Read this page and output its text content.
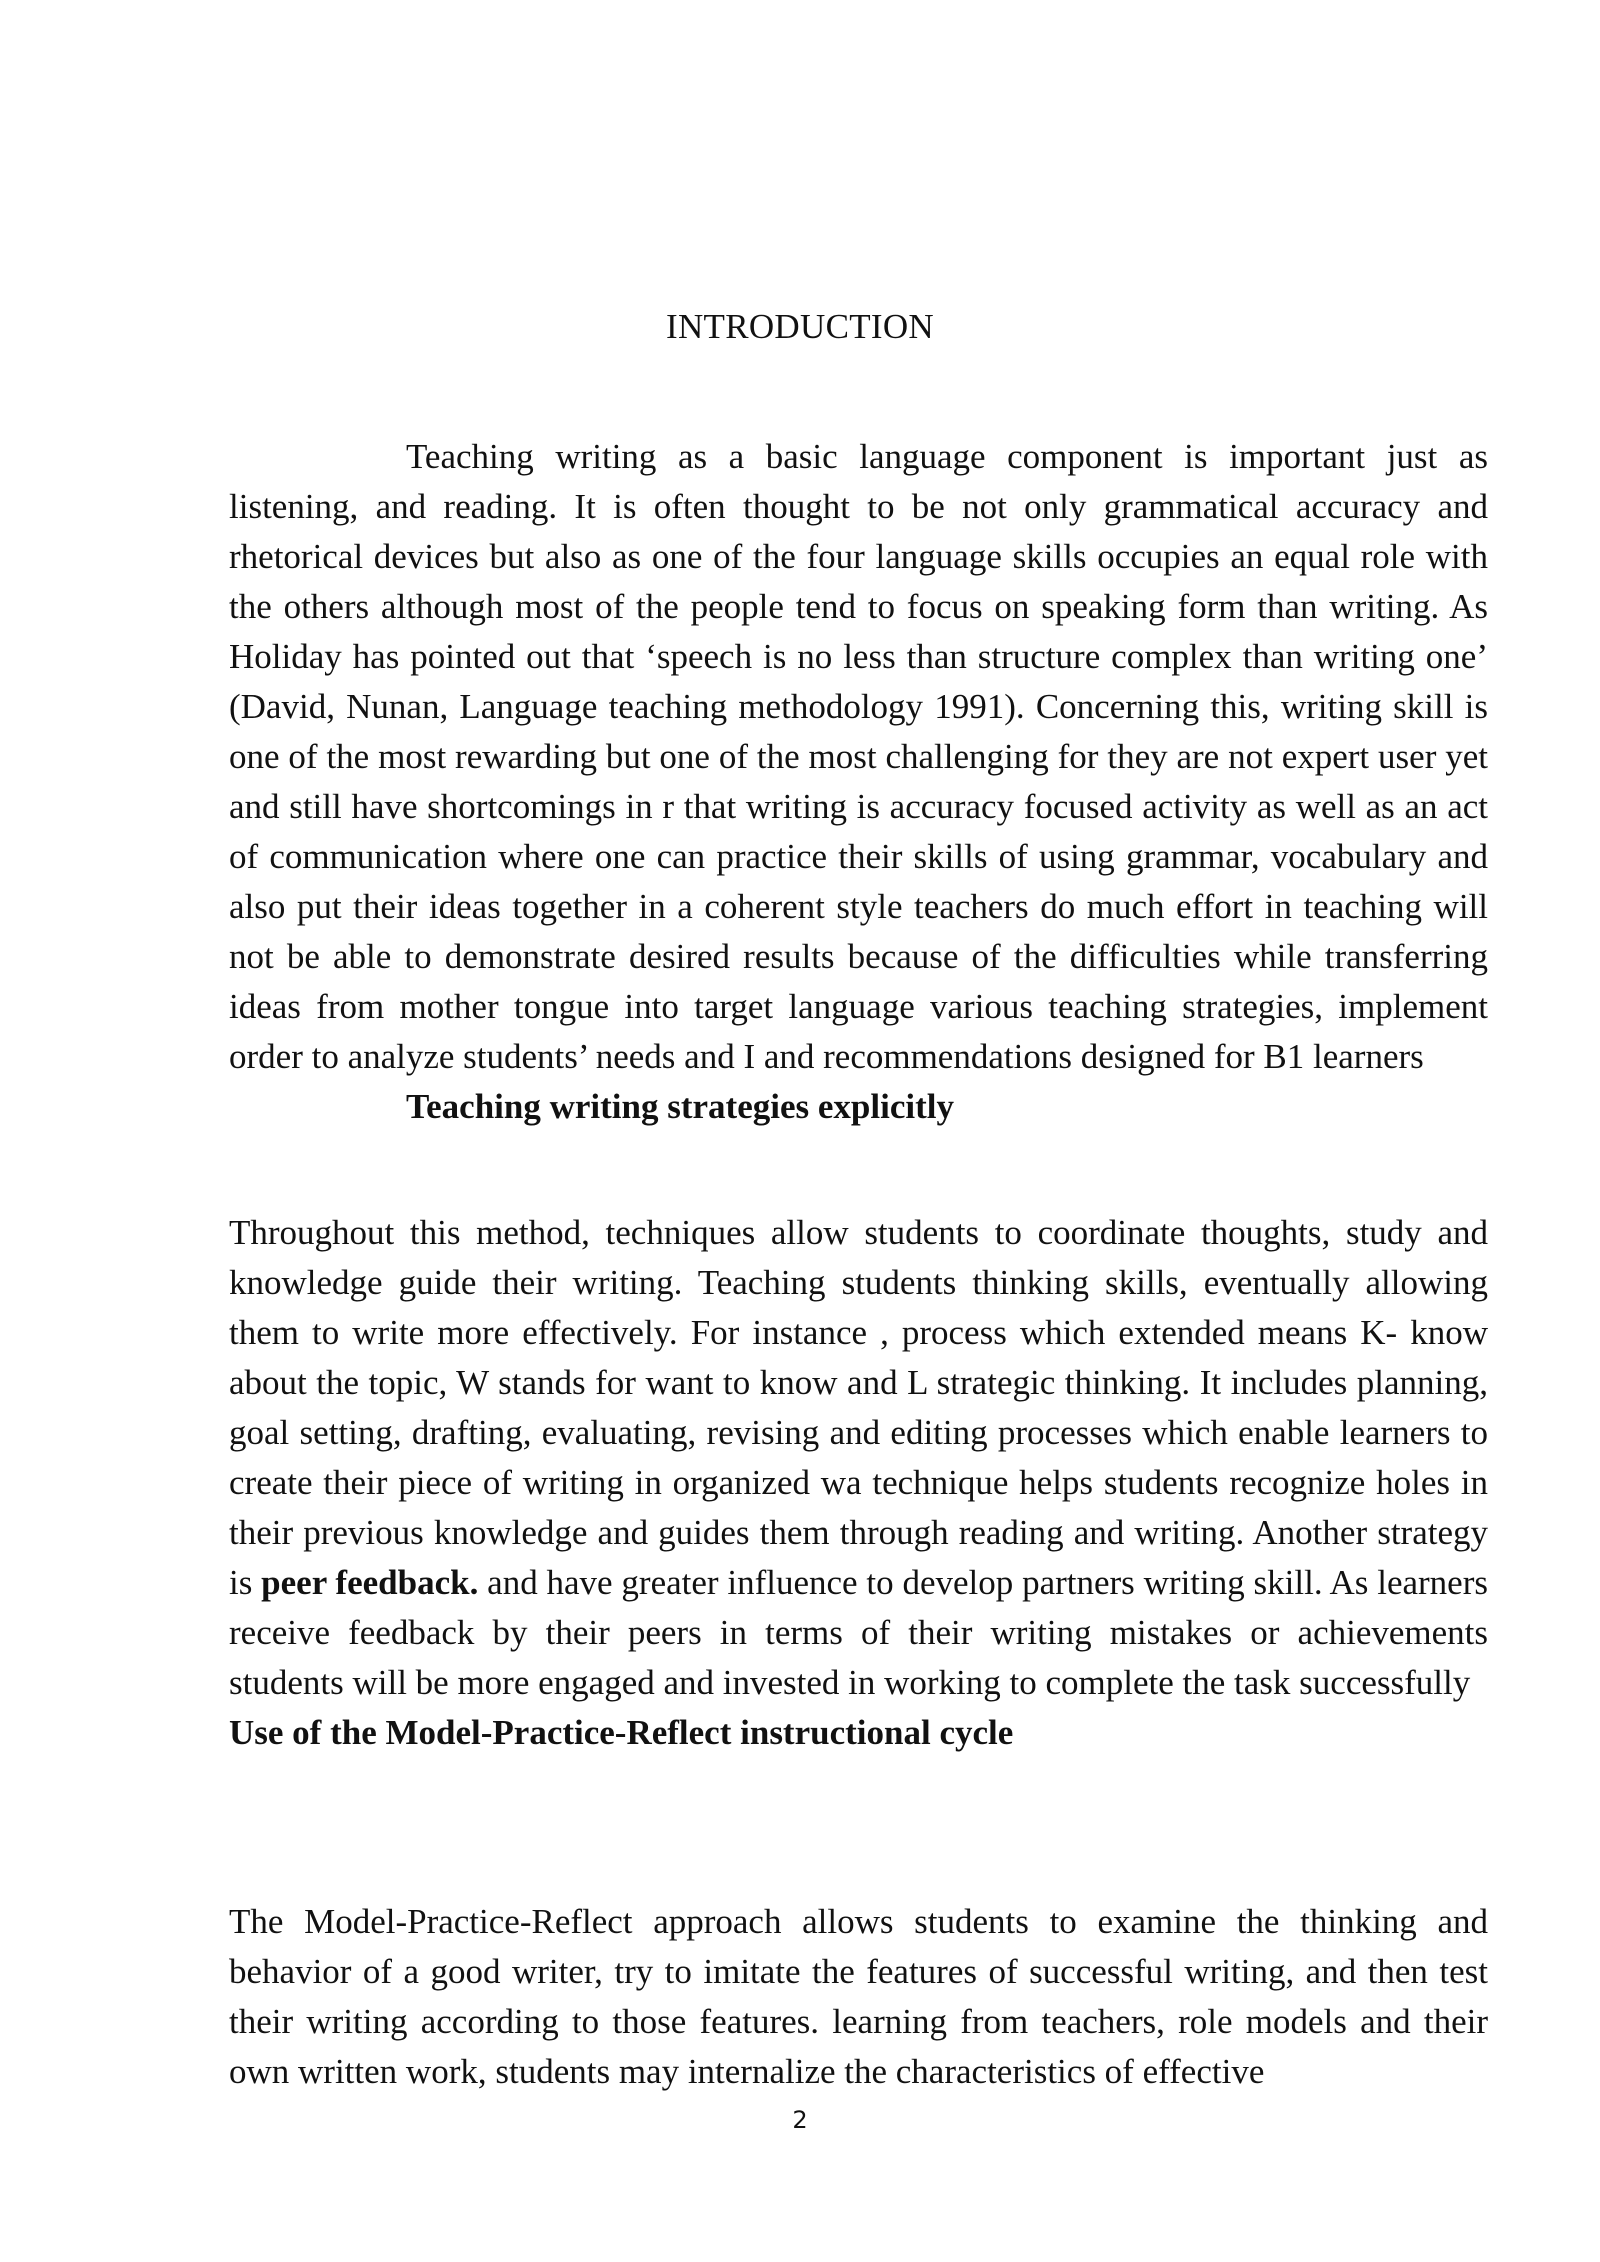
INTRODUCTION

Teaching writing as a basic language component is important just as listening, and reading. It is often thought to be not only grammatical accuracy and rhetorical devices but also as one of the four language skills occupies an equal role with the others although most of the people tend to focus on speaking form than writing. As Holiday has pointed out that ‘speech is no less than structure complex than writing one’ (David, Nunan, Language teaching methodology 1991). Concerning this, writing skill is one of the most rewarding but one of the most challenging for they are not expert user yet and still have shortcomings in r that writing is accuracy focused activity as well as an act of communication where one can practice their skills of using grammar, vocabulary and also put their ideas together in a coherent style teachers do much effort in teaching will not be able to demonstrate desired results because of the difficulties while transferring ideas from mother tongue into target language various teaching strategies, implement order to analyze students’ needs and I and recommendations designed for B1 learners
Teaching writing strategies explicitly

Throughout this method, techniques allow students to coordinate thoughts, study and knowledge guide their writing. Teaching students thinking skills, eventually allowing them to write more effectively. For instance , process which extended means K- know about the topic, W stands for want to know and L strategic thinking. It includes planning, goal setting, drafting, evaluating, revising and editing processes which enable learners to create their piece of writing in organized wa technique helps students recognize holes in their previous knowledge and guides them through reading and writing. Another strategy is peer feedback. and have greater influence to develop partners writing skill. As learners receive feedback by their peers in terms of their writing mistakes or achievements students will be more engaged and invested in working to complete the task successfully
Use of the Model-Practice-Reflect instructional cycle

The Model-Practice-Reflect approach allows students to examine the thinking and behavior of a good writer, try to imitate the features of successful writing, and then test their writing according to those features. learning from teachers, role models and their own written work, students may internalize the characteristics of effective

2
